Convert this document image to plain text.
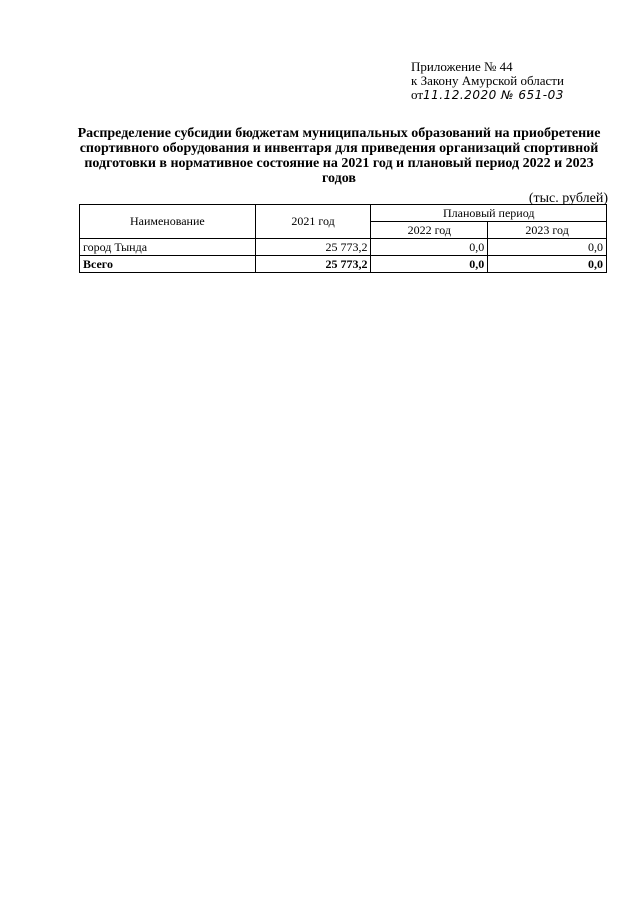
Приложение № 44
к Закону Амурской области
от11.12.2020 № 651-03
Распределение субсидии бюджетам муниципальных образований на приобретение спортивного оборудования и инвентаря для приведения организаций спортивной подготовки в нормативное состояние на 2021 год и плановый период 2022 и 2023 годов
(тыс. рублей)
Наименование	2021 год	Плановый период	
		2022 год	2023 год
город Тында	25 773,2	0,0	0,0
Всего	25 773,2	0,0	0,0
